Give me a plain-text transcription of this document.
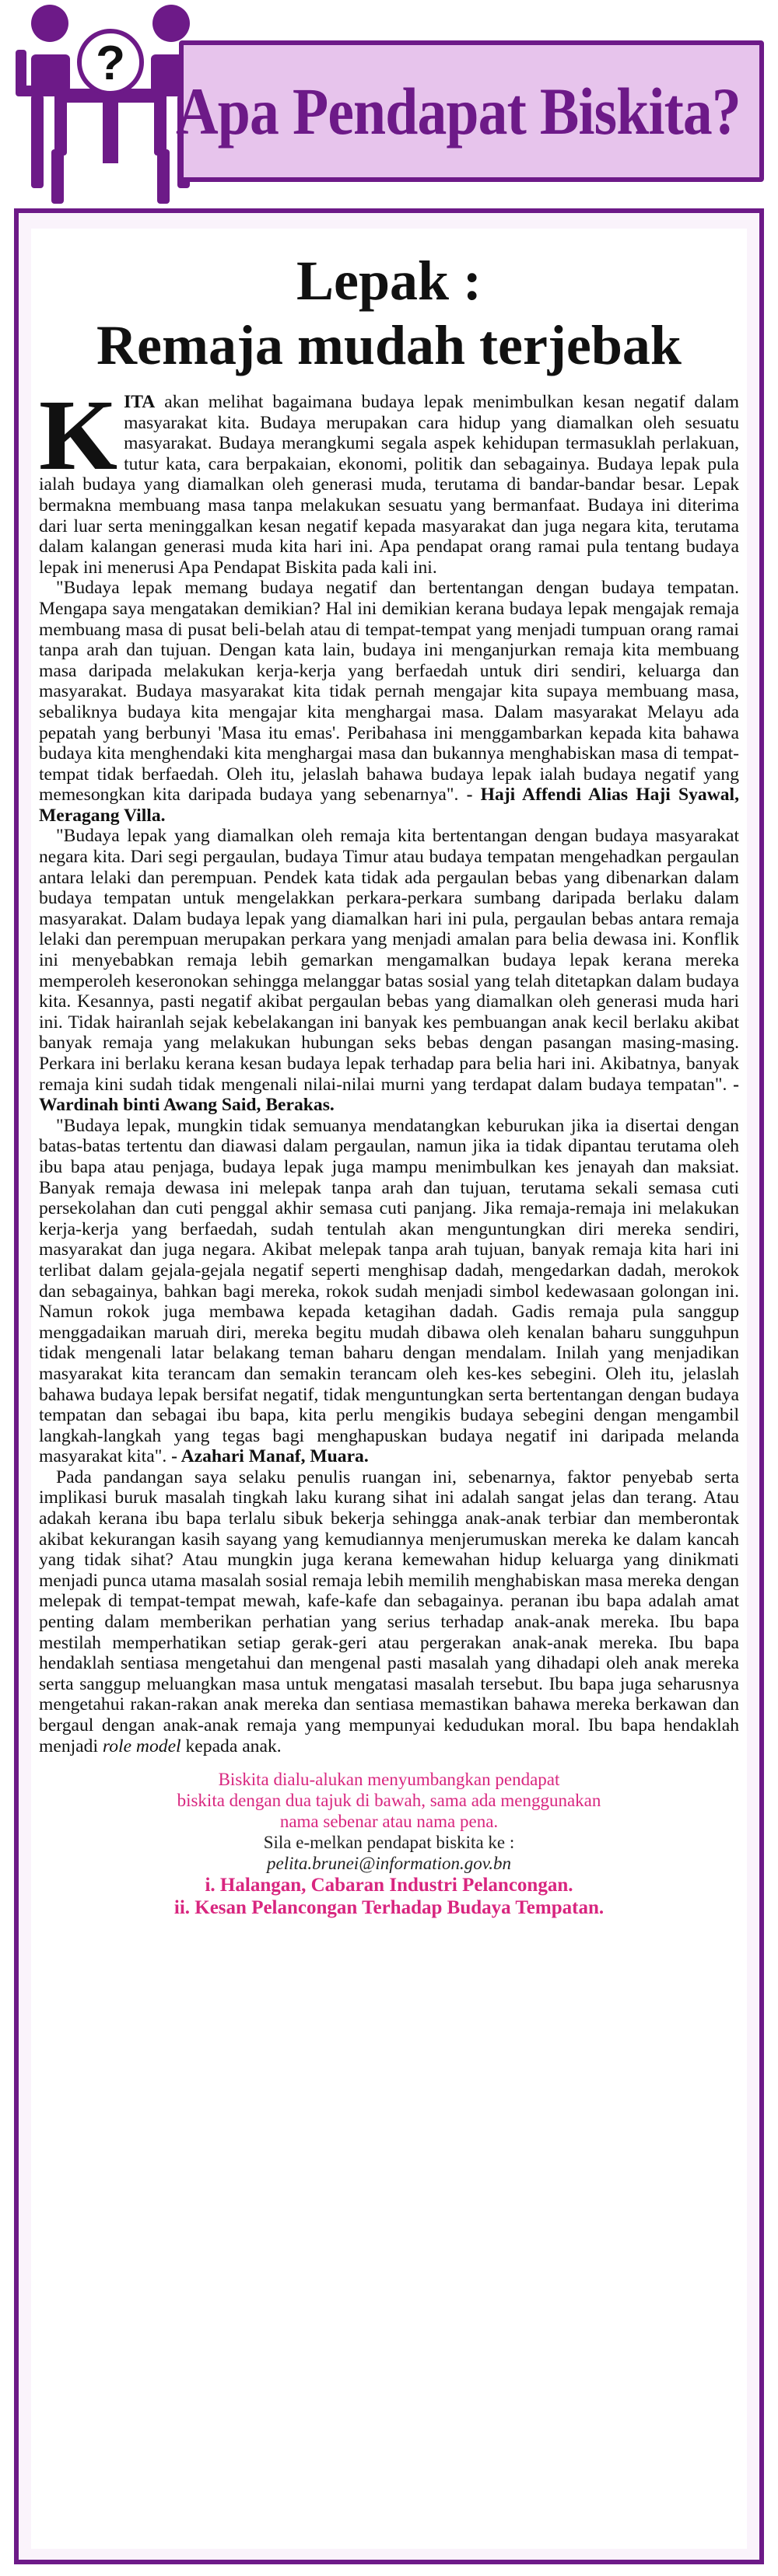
?
Apa Pendapat Biskita?
Lepak :
Remaja mudah terjebak

KITA akan melihat bagaimana budaya lepak menimbulkan kesan negatif dalam masyarakat kita. Budaya merupakan cara hidup yang diamalkan oleh sesuatu masyarakat. Budaya merangkumi segala aspek kehidupan termasuklah perlakuan, tutur kata, cara berpakaian, ekonomi, politik dan sebagainya. Budaya lepak pula ialah budaya yang diamalkan oleh generasi muda, terutama di bandar-bandar besar. Lepak bermakna membuang masa tanpa melakukan sesuatu yang bermanfaat. Budaya ini diterima dari luar serta meninggalkan kesan negatif kepada masyarakat dan juga negara kita, terutama dalam kalangan generasi muda kita hari ini. Apa pendapat orang ramai pula tentang budaya lepak ini menerusi Apa Pendapat Biskita pada kali ini.

"Budaya lepak memang budaya negatif dan bertentangan dengan budaya tempatan. Mengapa saya mengatakan demikian? Hal ini demikian kerana budaya lepak mengajak remaja membuang masa di pusat beli-belah atau di tempat-tempat yang menjadi tumpuan orang ramai tanpa arah dan tujuan. Dengan kata lain, budaya ini menganjurkan remaja kita membuang masa daripada melakukan kerja-kerja yang berfaedah untuk diri sendiri, keluarga dan masyarakat. Budaya masyarakat kita tidak pernah mengajar kita supaya membuang masa, sebaliknya budaya kita mengajar kita menghargai masa. Dalam masyarakat Melayu ada pepatah yang berbunyi 'Masa itu emas'. Peribahasa ini menggambarkan kepada kita bahawa budaya kita menghendaki kita menghargai masa dan bukannya menghabiskan masa di tempat-tempat tidak berfaedah. Oleh itu, jelaslah bahawa budaya lepak ialah budaya negatif yang memesongkan kita daripada budaya yang sebenarnya". - Haji Affendi Alias Haji Syawal, Meragang Villa.

"Budaya lepak yang diamalkan oleh remaja kita bertentangan dengan budaya masyarakat negara kita. Dari segi pergaulan, budaya Timur atau budaya tempatan mengehadkan pergaulan antara lelaki dan perempuan. Pendek kata tidak ada pergaulan bebas yang dibenarkan dalam budaya tempatan untuk mengelakkan perkara-perkara sumbang daripada berlaku dalam masyarakat. Dalam budaya lepak yang diamalkan hari ini pula, pergaulan bebas antara remaja lelaki dan perempuan merupakan perkara yang menjadi amalan para belia dewasa ini. Konflik ini menyebabkan remaja lebih gemarkan mengamalkan budaya lepak kerana mereka memperoleh keseronokan sehingga melanggar batas sosial yang telah ditetapkan dalam budaya kita. Kesannya, pasti negatif akibat pergaulan bebas yang diamalkan oleh generasi muda hari ini. Tidak hairanlah sejak kebelakangan ini banyak kes pembuangan anak kecil berlaku akibat banyak remaja yang melakukan hubungan seks bebas dengan pasangan masing-masing. Perkara ini berlaku kerana kesan budaya lepak terhadap para belia hari ini. Akibatnya, banyak remaja kini sudah tidak mengenali nilai-nilai murni yang terdapat dalam budaya tempatan". - Wardinah binti Awang Said, Berakas.

"Budaya lepak, mungkin tidak semuanya mendatangkan keburukan jika ia disertai dengan batas-batas tertentu dan diawasi dalam pergaulan, namun jika ia tidak dipantau terutama oleh ibu bapa atau penjaga, budaya lepak juga mampu menimbulkan kes jenayah dan maksiat. Banyak remaja dewasa ini melepak tanpa arah dan tujuan, terutama sekali semasa cuti persekolahan dan cuti penggal akhir semasa cuti panjang. Jika remaja-remaja ini melakukan kerja-kerja yang berfaedah, sudah tentulah akan menguntungkan diri mereka sendiri, masyarakat dan juga negara. Akibat melepak tanpa arah tujuan, banyak remaja kita hari ini terlibat dalam gejala-gejala negatif seperti menghisap dadah, mengedarkan dadah, merokok dan sebagainya, bahkan bagi mereka, rokok sudah menjadi simbol kedewasaan golongan ini. Namun rokok juga membawa kepada ketagihan dadah. Gadis remaja pula sanggup menggadaikan maruah diri, mereka begitu mudah dibawa oleh kenalan baharu sungguhpun tidak mengenali latar belakang teman baharu dengan mendalam. Inilah yang menjadikan masyarakat kita terancam dan semakin terancam oleh kes-kes sebegini. Oleh itu, jelaslah bahawa budaya lepak bersifat negatif, tidak menguntungkan serta bertentangan dengan budaya tempatan dan sebagai ibu bapa, kita perlu mengikis budaya sebegini dengan mengambil langkah-langkah yang tegas bagi menghapuskan budaya negatif ini daripada melanda masyarakat kita". - Azahari Manaf, Muara.

Pada pandangan saya selaku penulis ruangan ini, sebenarnya, faktor penyebab serta implikasi buruk masalah tingkah laku kurang sihat ini adalah sangat jelas dan terang. Atau adakah kerana ibu bapa terlalu sibuk bekerja sehingga anak-anak terbiar dan memberontak akibat kekurangan kasih sayang yang kemudiannya menjerumuskan mereka ke dalam kancah yang tidak sihat? Atau mungkin juga kerana kemewahan hidup keluarga yang dinikmati menjadi punca utama masalah sosial remaja lebih memilih menghabiskan masa mereka dengan melepak di tempat-tempat mewah, kafe-kafe dan sebagainya. peranan ibu bapa adalah amat penting dalam memberikan perhatian yang serius terhadap anak-anak mereka. Ibu bapa mestilah memperhatikan setiap gerak-geri atau pergerakan anak-anak mereka. Ibu bapa hendaklah sentiasa mengetahui dan mengenal pasti masalah yang dihadapi oleh anak mereka serta sanggup meluangkan masa untuk mengatasi masalah tersebut. Ibu bapa juga seharusnya mengetahui rakan-rakan anak mereka dan sentiasa memastikan bahawa mereka berkawan dan bergaul dengan anak-anak remaja yang mempunyai kedudukan moral. Ibu bapa hendaklah menjadi role model kepada anak.

Biskita dialu-alukan menyumbangkan pendapat
biskita dengan dua tajuk di bawah, sama ada menggunakan
nama sebenar atau nama pena.
Sila e-melkan pendapat biskita ke :
pelita.brunei@information.gov.bn
i. Halangan, Cabaran Industri Pelancongan.
ii. Kesan Pelancongan Terhadap Budaya Tempatan.
